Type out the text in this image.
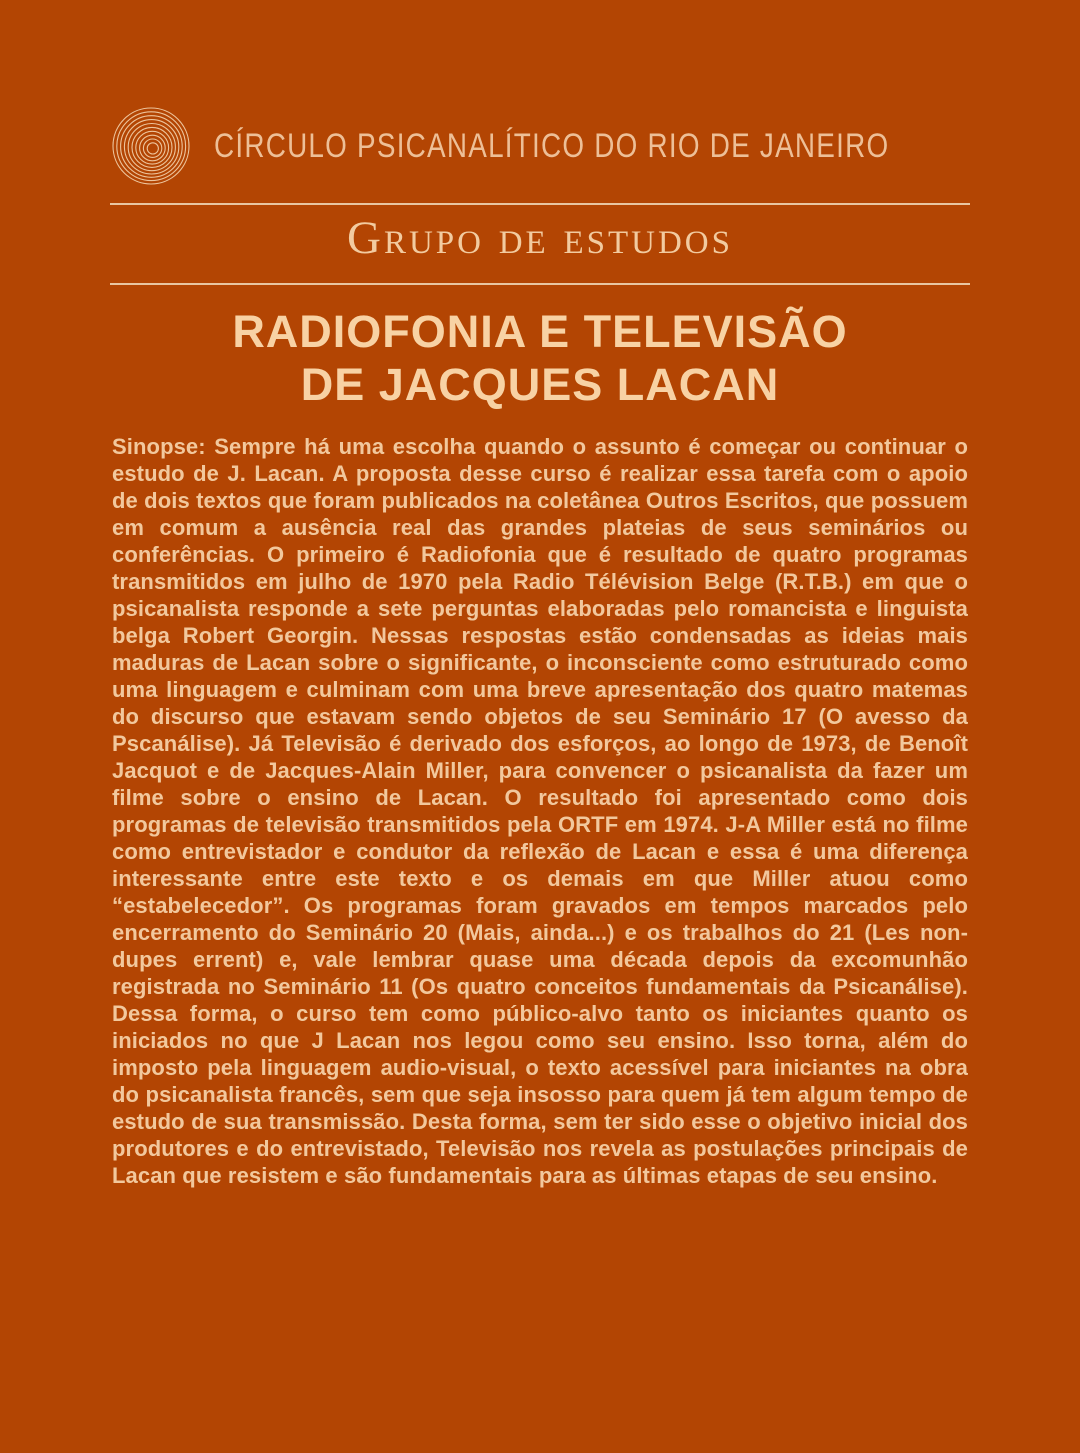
CÍRCULO PSICANALÍTICO DO RIO DE JANEIRO
Grupo de estudos
RADIOFONIA E TELEVISÃO
DE JACQUES LACAN

Sinopse: Sempre há uma escolha quando o assunto é começar ou continuar o estudo de J. Lacan. A proposta desse curso é realizar essa tarefa com o apoio de dois textos que foram publicados na coletânea Outros Escritos, que possuem em comum a ausência real das grandes plateias de seus seminários ou conferências. O primeiro é Radiofonia que é resultado de quatro programas transmitidos em julho de 1970 pela Radio Télévision Belge (R.T.B.) em que o psicanalista responde a sete perguntas elaboradas pelo romancista e linguista belga Robert Georgin. Nessas respostas estão condensadas as ideias mais maduras de Lacan sobre o significante, o inconsciente como estruturado como uma linguagem e culminam com uma breve apresentação dos quatro matemas do discurso que estavam sendo objetos de seu Seminário 17 (O avesso da Pscanálise). Já Televisão é derivado dos esforços, ao longo de 1973, de Benoît Jacquot e de Jacques-Alain Miller, para convencer o psicanalista da fazer um filme sobre o ensino de Lacan. O resultado foi apresentado como dois programas de televisão transmitidos pela ORTF em 1974. J-A Miller está no filme como entrevistador e condutor da reflexão de Lacan e essa é uma diferença interessante entre este texto e os demais em que Miller atuou como “estabelecedor”. Os programas foram gravados em tempos marcados pelo encerramento do Seminário 20 (Mais, ainda...) e os trabalhos do 21 (Les non-dupes errent) e, vale lembrar quase uma década depois da excomunhão registrada no Seminário 11 (Os quatro conceitos fundamentais da Psicanálise). Dessa forma, o curso tem como público-alvo tanto os iniciantes quanto os iniciados no que J Lacan nos legou como seu ensino. Isso torna, além do imposto pela linguagem audio-visual, o texto acessível para iniciantes na obra do psicanalista francês, sem que seja insosso para quem já tem algum tempo de estudo de sua transmissão. Desta forma, sem ter sido esse o objetivo inicial dos produtores e do entrevistado, Televisão nos revela as postulações principais de Lacan que resistem e são fundamentais para as últimas etapas de seu ensino.
